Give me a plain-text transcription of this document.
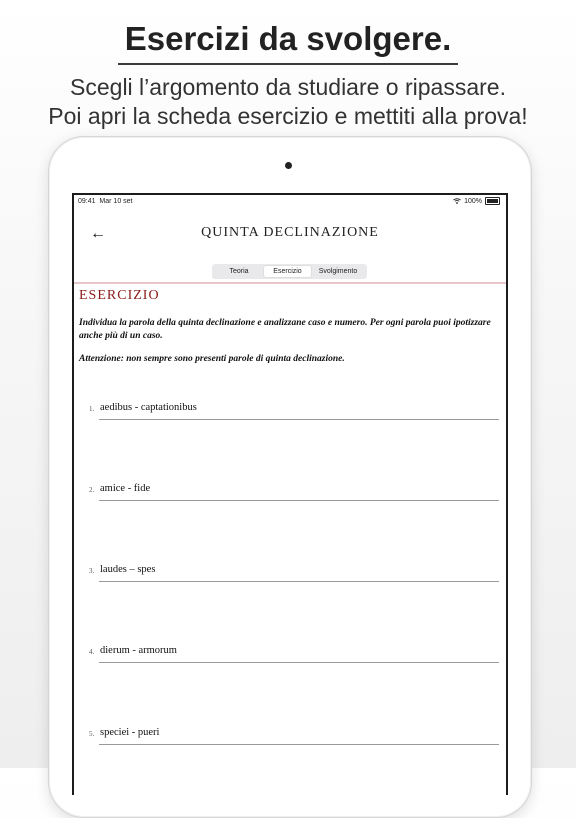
Esercizi da svolgere.
Scegli l’argomento da studiare o ripassare.
Poi apri la scheda esercizio e mettiti alla prova!
09:41 Mar 10 set	100%
←	QUINTA DECLINAZIONE
Teoria	Esercizio	Svolgimento
ESERCIZIO

Individua la parola della quinta declinazione e analizzane caso e numero. Per ogni parola puoi ipotizzare anche più di un caso.

Attenzione: non sempre sono presenti parole di quinta declinazione.

1. aedibus - captationibus
2. amice - fide
3. laudes – spes
4. dierum - armorum
5. speciei - pueri
